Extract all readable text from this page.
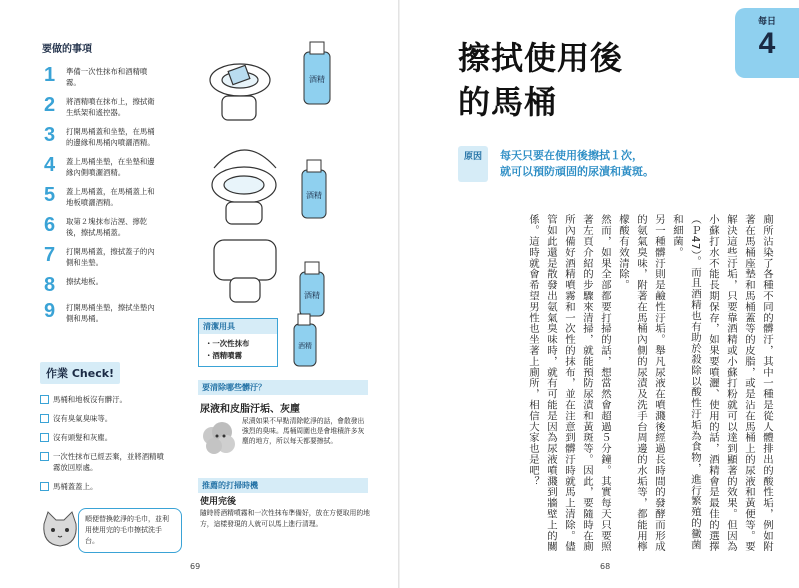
要做的事項
1	準備一次性抹布和酒精噴霧。
2	將酒精噴在抹布上，擦拭衛生紙架和遙控器。
3	打開馬桶蓋和坐墊，在馬桶的邊緣和馬桶內噴灑酒精。
4	蓋上馬桶坐墊，在坐墊和邊緣內側噴灑酒精。
5	蓋上馬桶蓋，在馬桶蓋上和地板噴灑酒精。
6	取第２塊抹布沾溼、擰乾後，擦拭馬桶蓋。
7	打開馬桶蓋，擦拭蓋子的內側和坐墊。
8	擦拭地板。
9	打開馬桶坐墊，擦拭坐墊內側和馬桶。
酒精
酒精
酒精
清潔用具
・一次性抹布
・酒精噴霧
酒精
要清除哪些髒汙？
尿液和皮脂汙垢、灰塵
尿漬如果不早點清除乾淨的話，會散發出強烈的臭味。馬桶周圍也是會堆積許多灰塵的地方，所以每天都要擦拭。
推薦的打掃時機
使用完後
隨時將酒精噴霧和一次性抹布準備好，放在方便取用的地方，這樣發現的人就可以馬上進行清理。
作業 Check!
馬桶和地板沒有髒汙。
沒有臭氣臭味等。
沒有頭髮和灰塵。
一次性抹布已經丟棄，並將酒精噴霧放回原處。
馬桶蓋蓋上。
順便替換乾淨的毛巾，並利用使用完的毛巾擦拭洗手台。
69
每日
4
擦拭使用後
的馬桶
原因	每天只要在使用後擦拭１次，
就可以預防頑固的尿漬和黃斑。

廁所沾染了各種不同的髒汙，其中一種是從人體排出的酸性垢，例如附著在馬桶座墊和馬桶蓋等的皮脂，或是沾在馬桶上的尿液和黃便等。要解決這些汙垢，只要靠酒精或小蘇打粉就可以達到顯著的效果。但因為小蘇打水不能長期保存，如果要噴灑、使用的話，酒精會是最佳的選擇（Ｐ47）。而且酒精也有助於殺除以酸性汙垢為食物，進行繁殖的黴菌和細菌。

另一種髒汙則是鹼性汙垢。舉凡尿液在噴濺後經過長時間的發酵而形成的氨氣臭味，附著在馬桶內側的尿漬及洗手台周邊的水垢等，都能用檸檬酸有效清除。

然而，如果全部都要打掃的話，想當然會超過５分鐘。其實每天只要照著左頁介紹的步驟來清掃，就能預防尿漬和黃斑等。因此，要隨時在廁所內備好酒精噴霧和一次性的抹布，並在注意到髒汙時就馬上清除。儘管如此還是散發出氨氣臭味時，就有可能是因為尿液噴濺到牆壁上的關係。這時就會希望男性也坐著上廁所，相信大家也是吧？

68
